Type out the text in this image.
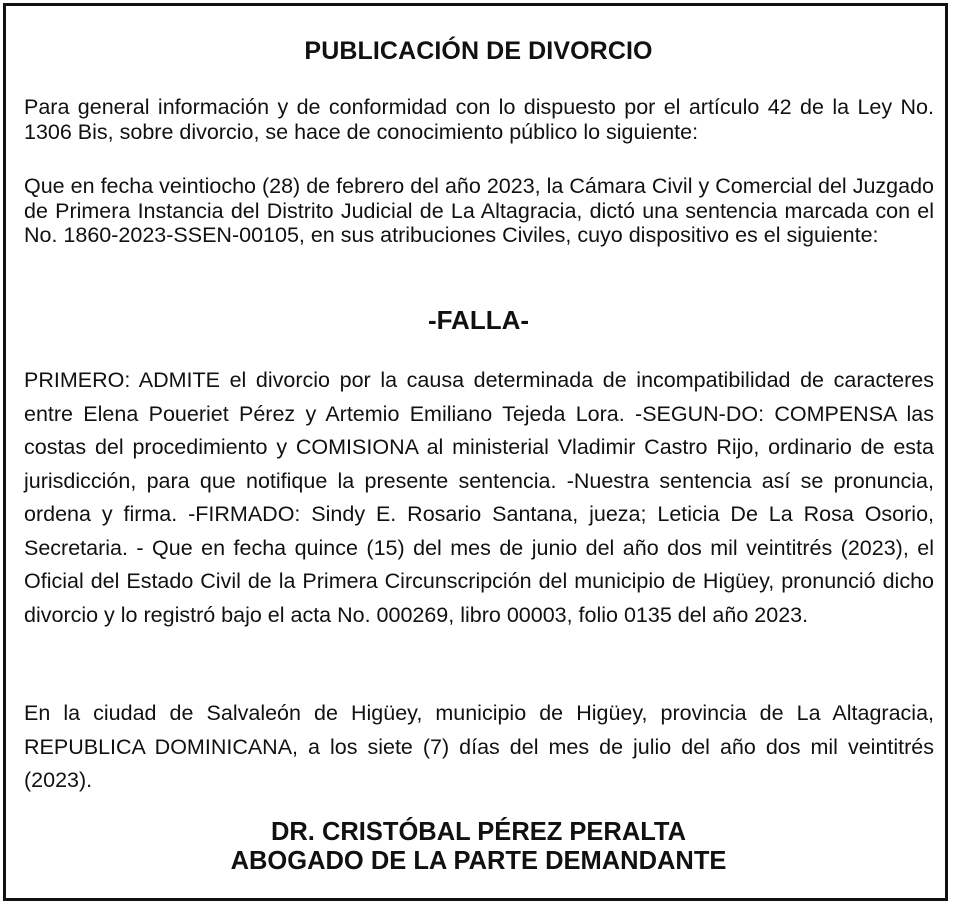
PUBLICACIÓN DE DIVORCIO

Para general información y de conformidad con lo dispuesto por el artículo 42 de la Ley No. 1306 Bis, sobre divorcio, se hace de conocimiento público lo siguiente:

Que en fecha veintiocho (28) de febrero del año 2023, la Cámara Civil y Comercial del Juzgado de Primera Instancia del Distrito Judicial de La Altagracia, dictó una sentencia marcada con el No. 1860-2023-SSEN-00105, en sus atribuciones Civiles, cuyo dispositivo es el siguiente:

-FALLA-

PRIMERO: ADMITE el divorcio por la causa determinada de incompatibilidad de caracteres entre Elena Poueriet Pérez y Artemio Emiliano Tejeda Lora. -SEGUN-DO: COMPENSA las costas del procedimiento y COMISIONA al ministerial Vladimir Castro Rijo, ordinario de esta jurisdicción, para que notifique la presente sentencia. -Nuestra sentencia así se pronuncia, ordena y firma. -FIRMADO: Sindy E. Rosario Santana, jueza; Leticia De La Rosa Osorio, Secretaria. - Que en fecha quince (15) del mes de junio del año dos mil veintitrés (2023), el Oficial del Estado Civil de la Primera Circunscripción del municipio de Higüey, pronunció dicho divorcio y lo registró bajo el acta No. 000269, libro 00003, folio 0135 del año 2023.

En la ciudad de Salvaleón de Higüey, municipio de Higüey, provincia de La Altagracia, REPUBLICA DOMINICANA, a los siete (7) días del mes de julio del año dos mil veintitrés (2023).

DR. CRISTÓBAL PÉREZ PERALTA
ABOGADO DE LA PARTE DEMANDANTE
